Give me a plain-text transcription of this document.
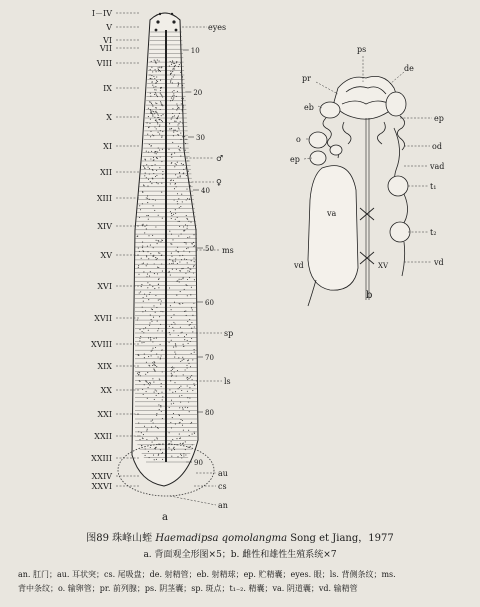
I－IV
V
VI
VII
VIII
IX
X
XI
XII
XIII
XIV
XV
XVI
XVII
XVIII
XIX
XX
XXI
XXII
XXIII
XXIV
XXVI
10
20
30
40
50
60
70
80
90
eyes
♂
♀
ms
sp
ls
au
cs
an
a
ps
de
pr
eb
ep
o
od
ep
vad
t₁
va
t₂
vd	XV	vd
b
图89 珠峰山蛭 Haemadipsa qomolangma Song et Jiang，1977
a. 背面观全形图×5；b. 雌性和雄性生殖系统×7
an. 肛门；au. 耳状突；cs. 尾吸盘；de. 射精管；eb. 射精球；ep. 贮精囊；eyes. 眼；ls. 背侧条纹；ms.
背中条纹；o. 输卵管；pr. 前列腺；ps. 阴茎囊；sp. 斑点；t₁₋₂. 精囊；va. 阴道囊；vd. 输精管
